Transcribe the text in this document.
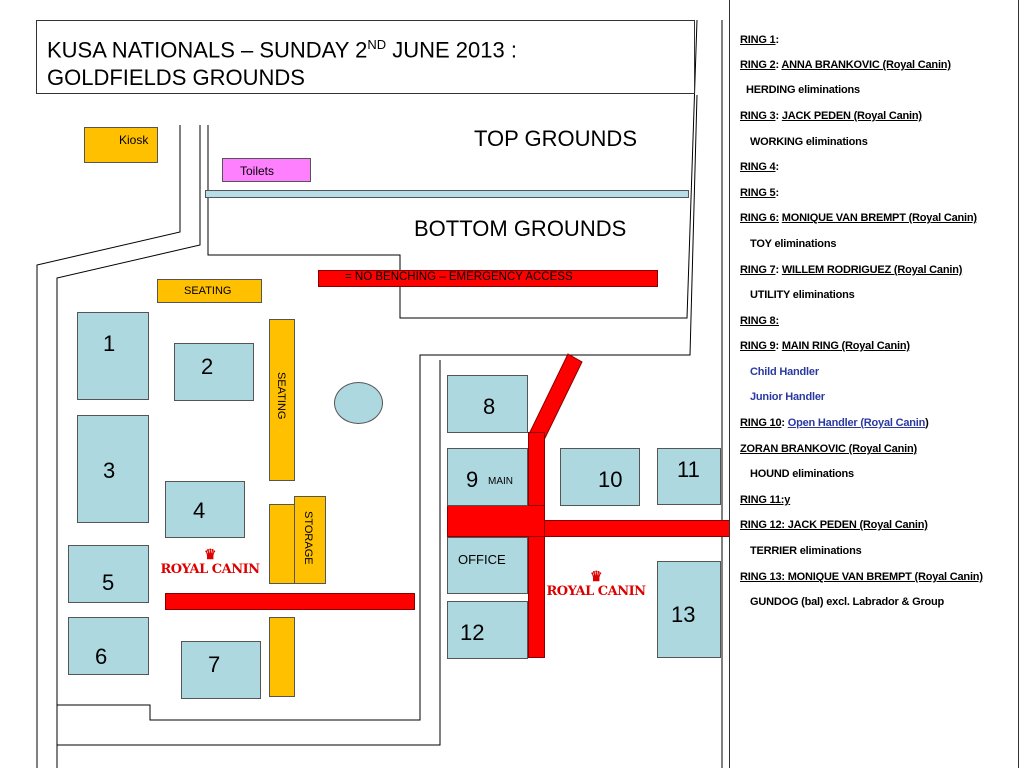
KUSA NATIONALS – SUNDAY 2ND JUNE 2013 :
GOLDFIELDS GROUNDS
TOP GROUNDS
BOTTOM GROUNDS
Kiosk
Toilets
= NO BENCHING – EMERGENCY ACCESS
SEATING
SEATING
STORAGE
1
2
3
4
5
6	7
♛
ROYAL CANIN	♛
ROYAL CANIN
8
9 MAIN
OFFICE
12
10 11
13
RING 1:
RING 2: ANNA BRANKOVIC (Royal Canin)
HERDING eliminations
RING 3: JACK PEDEN (Royal Canin)
WORKING eliminations
RING 4:
RING 5:
RING 6: MONIQUE VAN BREMPT (Royal Canin)
TOY eliminations
RING 7: WILLEM RODRIGUEZ (Royal Canin)
UTILITY eliminations
RING 8:
RING 9: MAIN RING (Royal Canin)
Child Handler
Junior Handler
RING 10: Open Handler (Royal Canin)
ZORAN BRANKOVIC (Royal Canin)
HOUND eliminations
RING 11:y
RING 12: JACK PEDEN (Royal Canin)
TERRIER eliminations
RING 13: MONIQUE VAN BREMPT (Royal Canin)
GUNDOG (bal) excl. Labrador & Group
